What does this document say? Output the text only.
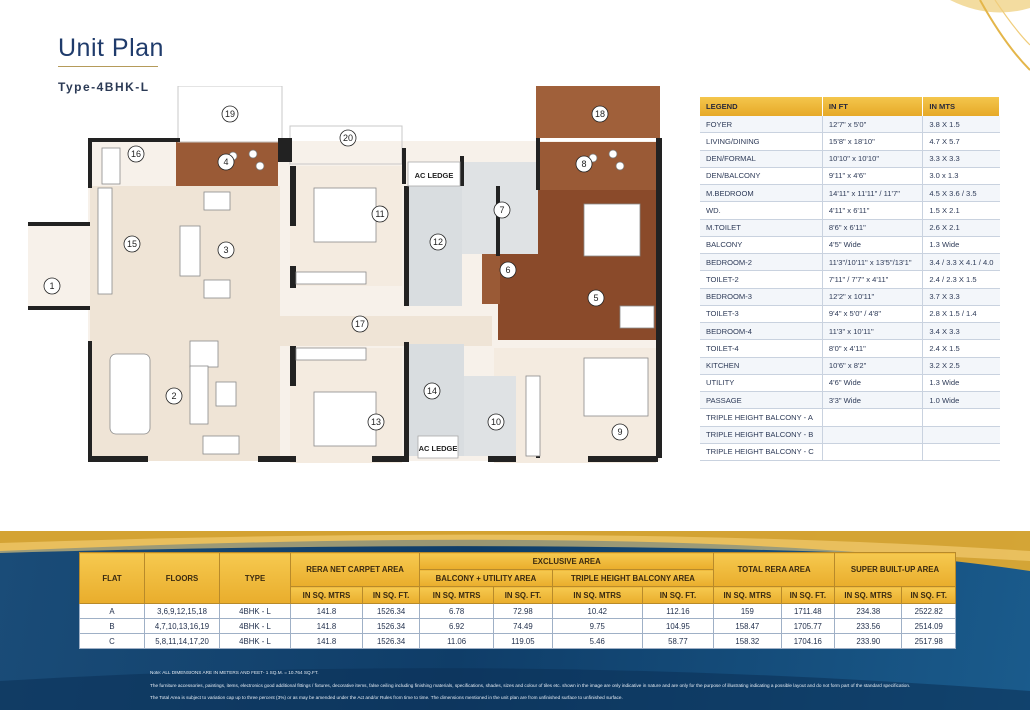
Unit Plan
Type-4BHK-L
AC LEDGE
AC LEDGE
1
2
3
4
5
6
7
8
9
10
11
12
13
14
15
16
17
18
19
20
LEGEND	IN FT	IN MTS
FOYER	12'7" x 5'0"	3.8 X 1.5
LIVING/DINING	15'8" x 18'10"	4.7 X 5.7
DEN/FORMAL	10'10" x 10'10"	3.3 X 3.3
DEN/BALCONY	9'11" x 4'6"	3.0 x 1.3
M.BEDROOM	14'11" x 11'11" / 11'7"	4.5 X 3.6 / 3.5
WD.	4'11" x 6'11"	1.5 X 2.1
M.TOILET	8'6" x 6'11"	2.6 X 2.1
BALCONY	4'5" Wide	1.3 Wide
BEDROOM-2	11'3"/10'11" x 13'5"/13'1"	3.4 / 3.3 X 4.1 / 4.0
TOILET-2	7'11" / 7'7" x 4'11"	2.4 / 2.3 X 1.5
BEDROOM-3	12'2" x 10'11"	3.7 X 3.3
TOILET-3	9'4" x 5'0" / 4'8"	2.8 X 1.5 / 1.4
BEDROOM-4	11'3" x 10'11"	3.4 X 3.3
TOILET-4	8'0" x 4'11"	2.4 X 1.5
KITCHEN	10'6" x 8'2"	3.2 X 2.5
UTILITY	4'6" Wide	1.3 Wide
PASSAGE	3'3" Wide	1.0 Wide
TRIPLE HEIGHT BALCONY - A		
TRIPLE HEIGHT BALCONY - B		
TRIPLE HEIGHT BALCONY - C		
FLAT	FLOORS	TYPE	RERA NET CARPET AREA		EXCLUSIVE AREA				TOTAL RERA AREA		SUPER BUILT-UP AREA	
					BALCONY + UTILITY AREA		TRIPLE HEIGHT BALCONY AREA					
			IN SQ. MTRS	IN SQ. FT.	IN SQ. MTRS	IN SQ. FT.	IN SQ. MTRS	IN SQ. FT.	IN SQ. MTRS	IN SQ. FT.	IN SQ. MTRS	IN SQ. FT.
A	3,6,9,12,15,18	4BHK - L	141.8	1526.34	6.78	72.98	10.42	112.16	159	1711.48	234.38	2522.82
B	4,7,10,13,16,19	4BHK - L	141.8	1526.34	6.92	74.49	9.75	104.95	158.47	1705.77	233.56	2514.09
C	5,8,11,14,17,20	4BHK - L	141.8	1526.34	11.06	119.05	5.46	58.77	158.32	1704.16	233.90	2517.98
Note: ALL DIMENSIONS ARE IN METERS AND FEET- 1 SQ.M. = 10.764 SQ.FT.
The furniture accessories, paintings, items, electronics good additional fittings / fixtures, decorative items, false ceiling including finishing materials, specifications, shades, sizes and colour of tiles etc. shown in the image are only indicative in nature and are only for the purpose of illustrating indicating a possible layout and do not form part of the standard specification.
The Total Area is subject to variation cap up to three percent (3%) or as may be amended under the Act and/or Rules from time to time. The dimensions mentioned in the unit plan are from unfinished surface to unfinished surface.
